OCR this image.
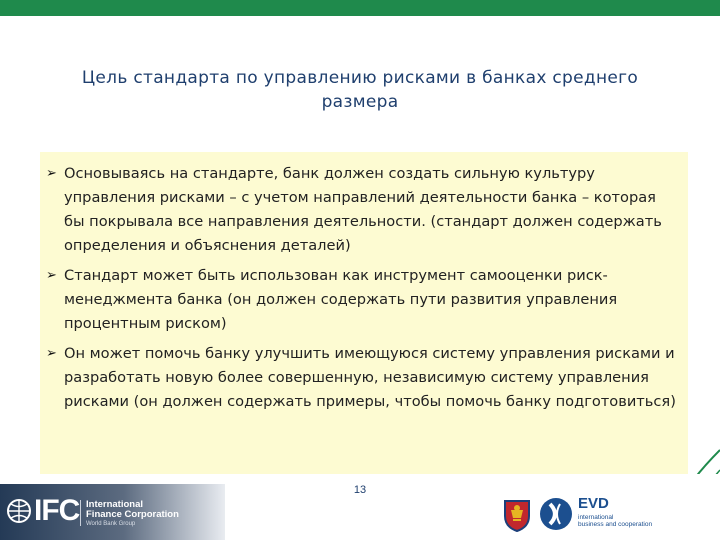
Цель стандарта по управлению рисками в банках среднего размера
➢ Основываясь на стандарте, банк должен создать сильную культуру управления рисками – с учетом направлений деятельности банка – которая бы покрывала все направления деятельности. (стандарт должен содержать определения и объяснения деталей)
➢ Стандарт может быть использован как инструмент самооценки риск-менеджмента банка (он должен содержать пути развития управления процентным риском)
➢ Он может помочь банку улучшить имеющуюся систему управления рисками и разработать новую более совершенную, независимую систему управления рисками (он должен содержать примеры, чтобы помочь банку подготовиться)
IFC International
Finance Corporation
World Bank Group
13
EVD
international
business and cooperation
